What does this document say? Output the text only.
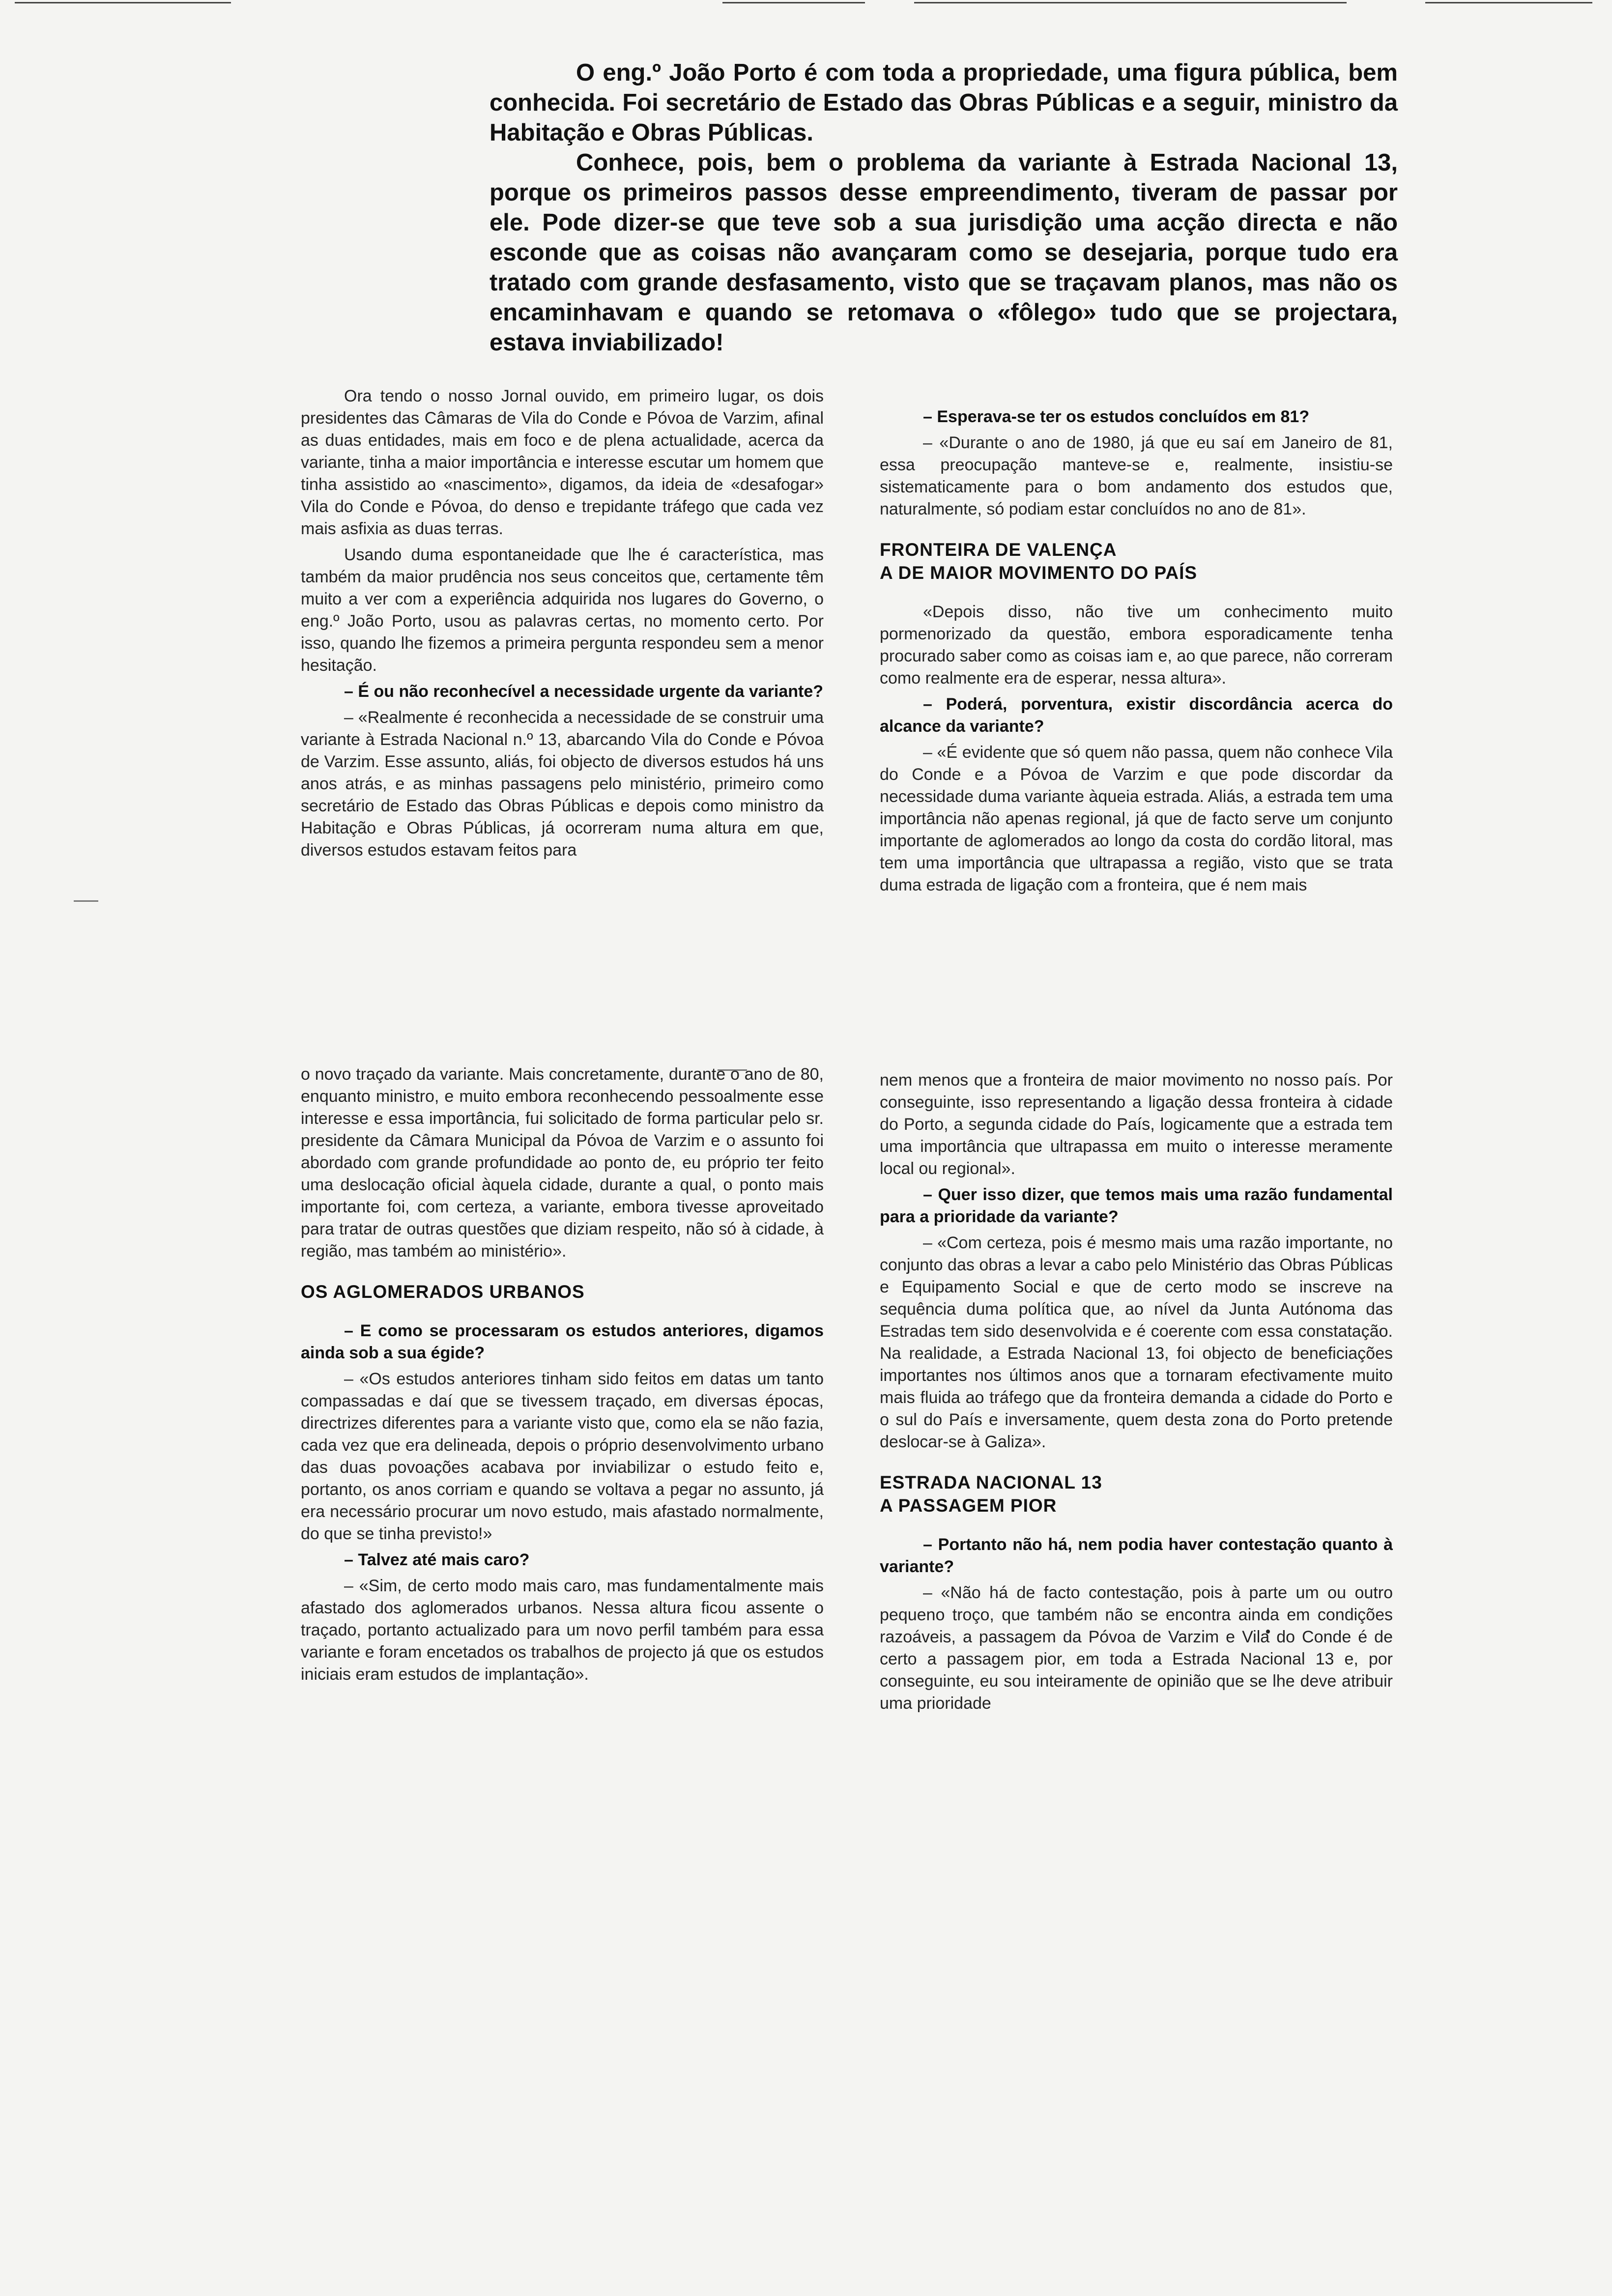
O eng.º João Porto é com toda a propriedade, uma figura pública, bem conhecida. Foi secretário de Estado das Obras Públicas e a seguir, ministro da Habitação e Obras Públicas.

Conhece, pois, bem o problema da variante à Estrada Nacional 13, porque os primeiros passos desse empreendimento, tiveram de passar por ele. Pode dizer-se que teve sob a sua jurisdição uma acção directa e não esconde que as coisas não avançaram como se desejaria, porque tudo era tratado com grande desfasamento, visto que se traçavam planos, mas não os encaminhavam e quando se retomava o «fôlego» tudo que se projectara, estava inviabilizado!

Ora tendo o nosso Jornal ouvido, em primeiro lugar, os dois presidentes das Câmaras de Vila do Conde e Póvoa de Varzim, afinal as duas entidades, mais em foco e de plena actualidade, acerca da variante, tinha a maior importância e interesse escutar um homem que tinha assistido ao «nascimento», digamos, da ideia de «desafogar» Vila do Conde e Póvoa, do denso e trepidante tráfego que cada vez mais asfixia as duas terras.

Usando duma espontaneidade que lhe é característica, mas também da maior prudência nos seus conceitos que, certamente têm muito a ver com a experiência adquirida nos lugares do Governo, o eng.º João Porto, usou as palavras certas, no momento certo. Por isso, quando lhe fizemos a primeira pergunta respondeu sem a menor hesitação.

– É ou não reconhecível a necessidade urgente da variante?

– «Realmente é reconhecida a necessidade de se construir uma variante à Estrada Nacional n.º 13, abarcando Vila do Conde e Póvoa de Varzim. Esse assunto, aliás, foi objecto de diversos estudos há uns anos atrás, e as minhas passagens pelo ministério, primeiro como secretário de Estado das Obras Públicas e depois como ministro da Habitação e Obras Públicas, já ocorreram numa altura em que, diversos estudos estavam feitos para

o novo traçado da variante. Mais concretamente, durante o ano de 80, enquanto ministro, e muito embora reconhecendo pessoalmente esse interesse e essa importância, fui solicitado de forma particular pelo sr. presidente da Câmara Municipal da Póvoa de Varzim e o assunto foi abordado com grande profundidade ao ponto de, eu próprio ter feito uma deslocação oficial àquela cidade, durante a qual, o ponto mais importante foi, com certeza, a variante, embora tivesse aproveitado para tratar de outras questões que diziam respeito, não só à cidade, à região, mas também ao ministério».

OS AGLOMERADOS URBANOS

– E como se processaram os estudos anteriores, digamos ainda sob a sua égide?

– «Os estudos anteriores tinham sido feitos em datas um tanto compassadas e daí que se tivessem traçado, em diversas épocas, directrizes diferentes para a variante visto que, como ela se não fazia, cada vez que era delineada, depois o próprio desenvolvimento urbano das duas povoações acabava por inviabilizar o estudo feito e, portanto, os anos corriam e quando se voltava a pegar no assunto, já era necessário procurar um novo estudo, mais afastado normalmente, do que se tinha previsto!»

– Talvez até mais caro?

– «Sim, de certo modo mais caro, mas fundamentalmente mais afastado dos aglomerados urbanos. Nessa altura ficou assente o traçado, portanto actualizado para um novo perfil também para essa variante e foram encetados os trabalhos de projecto já que os estudos iniciais eram estudos de implantação».

– Esperava-se ter os estudos concluídos em 81?

– «Durante o ano de 1980, já que eu saí em Janeiro de 81, essa preocupação manteve-se e, realmente, insistiu-se sistematicamente para o bom andamento dos estudos que, naturalmente, só podiam estar concluídos no ano de 81».

FRONTEIRA DE VALENÇA
A DE MAIOR MOVIMENTO DO PAÍS

«Depois disso, não tive um conhecimento muito pormenorizado da questão, embora esporadicamente tenha procurado saber como as coisas iam e, ao que parece, não correram como realmente era de esperar, nessa altura».

– Poderá, porventura, existir discordância acerca do alcance da variante?

– «É evidente que só quem não passa, quem não conhece Vila do Conde e a Póvoa de Varzim e que pode discordar da necessidade duma variante àqueia estrada. Aliás, a estrada tem uma importância não apenas regional, já que de facto serve um conjunto importante de aglomerados ao longo da costa do cordão litoral, mas tem uma importância que ultrapassa a região, visto que se trata duma estrada de ligação com a fronteira, que é nem mais

nem menos que a fronteira de maior movimento no nosso país. Por conseguinte, isso representando a ligação dessa fronteira à cidade do Porto, a segunda cidade do País, logicamente que a estrada tem uma importância que ultrapassa em muito o interesse meramente local ou regional».

– Quer isso dizer, que temos mais uma razão fundamental para a prioridade da variante?

– «Com certeza, pois é mesmo mais uma razão importante, no conjunto das obras a levar a cabo pelo Ministério das Obras Públicas e Equipamento Social e que de certo modo se inscreve na sequência duma política que, ao nível da Junta Autónoma das Estradas tem sido desenvolvida e é coerente com essa constatação. Na realidade, a Estrada Nacional 13, foi objecto de beneficiações importantes nos últimos anos que a tornaram efectivamente muito mais fluida ao tráfego que da fronteira demanda a cidade do Porto e o sul do País e inversamente, quem desta zona do Porto pretende deslocar-se à Galiza».

ESTRADA NACIONAL 13
A PASSAGEM PIOR

– Portanto não há, nem podia haver contestação quanto à variante?

– «Não há de facto contestação, pois à parte um ou outro pequeno troço, que também não se encontra ainda em condições razoáveis, a passagem da Póvoa de Varzim e Vila do Conde é de certo a passagem pior, em toda a Estrada Nacional 13 e, por conseguinte, eu sou inteiramente de opinião que se lhe deve atribuir uma prioridade
